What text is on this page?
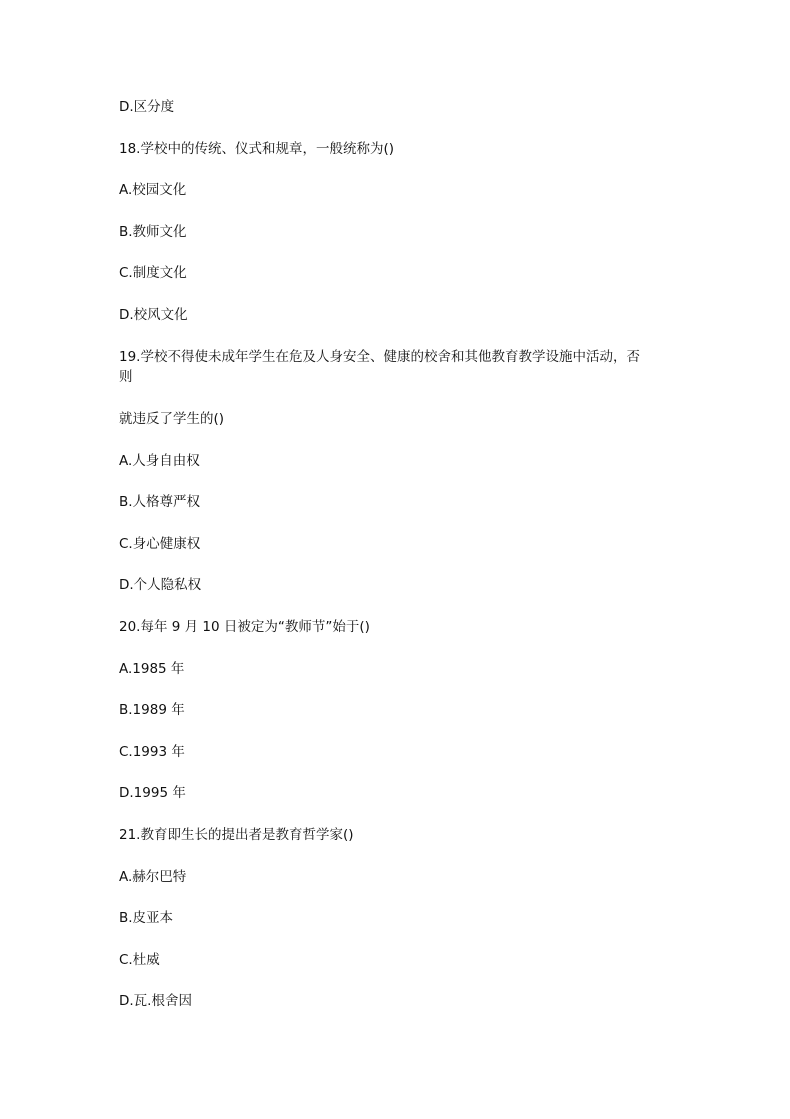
D.区分度
18.学校中的传统、仪式和规章，一般统称为()
A.校园文化
B.教师文化
C.制度文化
D.校风文化
19.学校不得使未成年学生在危及人身安全、健康的校舍和其他教育教学设施中活动，否
则
就违反了学生的()
A.人身自由权
B.人格尊严权
C.身心健康权
D.个人隐私权
20.每年 9 月 10 日被定为“教师节”始于()
A.1985 年
B.1989 年
C.1993 年
D.1995 年
21.教育即生长的提出者是教育哲学家()
A.赫尔巴特
B.皮亚本
C.杜威
D.瓦.根舍因
